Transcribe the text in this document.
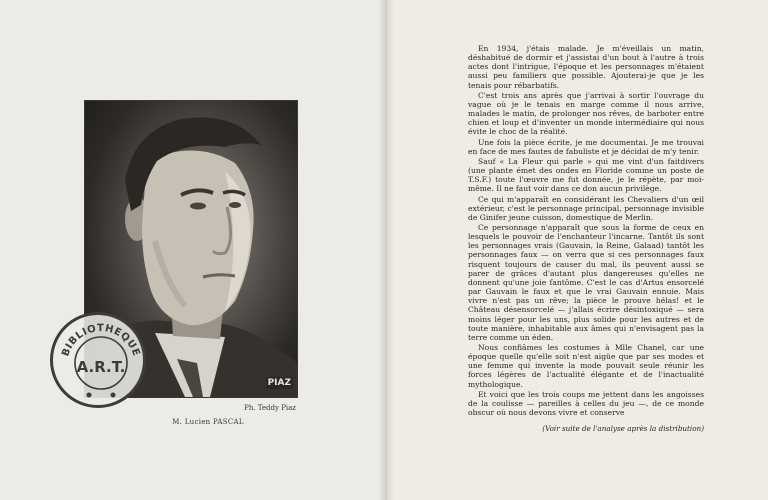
PIAZ
BIBLIOTHEQUE
A.R.T.
Ph. Teddy Piaz
M. Lucien PASCAL

En 1934, j'étais malade. Je m'éveillais un matin, déshabitué de dormir et j'assistai d'un bout à l'autre à trois actes dont l'intrigue, l'époque et les personnages m'étaient aussi peu familiers que possible. Ajouterai-je que je les tenais pour rébarbatifs.

C'est trois ans après que j'arrivai à sortir l'ouvrage du vague où je le tenais en marge comme il nous arrive, malades le matin, de prolonger nos rêves, de barboter entre chien et loup et d'inventer un monde intermédiaire qui nous évite le choc de la réalité.

Une fois la pièce écrite, je me documentai. Je me trouvai en face de mes fautes de fabuliste et je décidai de m'y tenir.

Sauf « La Fleur qui parle » qui me vint d'un faitdivers (une plante émet des ondes en Floride comme un poste de T.S.F.) toute l'œuvre me fut donnée, je le répète, par moi-même. Il ne faut voir dans ce don aucun privilège.

Ce qui m'apparaît en considérant les Chevaliers d'un œil extérieur, c'est le personnage principal, personnage invisible de Ginifer jeune cuisson, domestique de Merlin.

Ce personnage n'apparaît que sous la forme de ceux en lesquels le pouvoir de l'enchanteur l'incarne. Tantôt ils sont les personnages vrais (Gauvain, la Reine, Galaad) tantôt les personnages faux — on verra que si ces personnages faux risquent toujours de causer du mal, ils peuvent aussi se parer de grâces d'autant plus dangereuses qu'elles ne donnent qu'une joie fantôme. C'est le cas d'Artus ensorcelé par Gauvain le faux et que le vrai Gauvain ennuie. Mais vivre n'est pas un rêve; la pièce le prouve hélas! et le Château désensorcelé — j'allais écrire désintoxiqué — sera moins léger pour les uns, plus solide pour les autres et de toute manière, inhabitable aux âmes qui n'envisagent pas la terre comme un éden.

Nous confiâmes les costumes à Mlle Chanel, car une époque quelle qu'elle soit n'est aigüe que par ses modes et une femme qui invente la mode pouvait seule réunir les forces légères de l'actualité élégante et de l'inactualité mythologique.

Et voici que les trois coups me jettent dans les angoisses de la coulisse — pareilles à celles du jeu —, de ce monde obscur où nous devons vivre et conserve

(Voir suite de l'analyse après la distribution)
